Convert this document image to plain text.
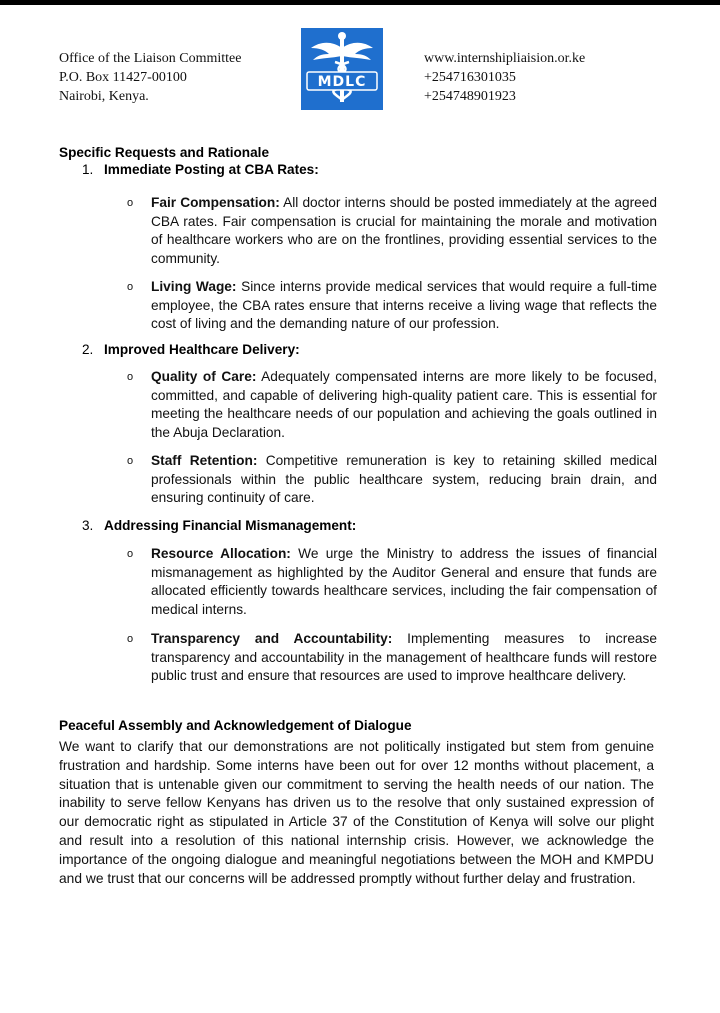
Office of the Liaison Committee
P.O. Box 11427-00100
Nairobi, Kenya.
MDLC
www.internshipliaision.or.ke
+254716301035
+254748901923
Specific Requests and Rationale
1. Immediate Posting at CBA Rates:
o Fair Compensation: All doctor interns should be posted immediately at the agreed CBA rates. Fair compensation is crucial for maintaining the morale and motivation of healthcare workers who are on the frontlines, providing essential services to the community.
o Living Wage: Since interns provide medical services that would require a full-time employee, the CBA rates ensure that interns receive a living wage that reflects the cost of living and the demanding nature of our profession.
2. Improved Healthcare Delivery:
o Quality of Care: Adequately compensated interns are more likely to be focused, committed, and capable of delivering high-quality patient care. This is essential for meeting the healthcare needs of our population and achieving the goals outlined in the Abuja Declaration.
o Staff Retention: Competitive remuneration is key to retaining skilled medical professionals within the public healthcare system, reducing brain drain, and ensuring continuity of care.
3. Addressing Financial Mismanagement:
o Resource Allocation: We urge the Ministry to address the issues of financial mismanagement as highlighted by the Auditor General and ensure that funds are allocated efficiently towards healthcare services, including the fair compensation of medical interns.
o Transparency and Accountability: Implementing measures to increase transparency and accountability in the management of healthcare funds will restore public trust and ensure that resources are used to improve healthcare delivery.
Peaceful Assembly and Acknowledgement of Dialogue
We want to clarify that our demonstrations are not politically instigated but stem from genuine frustration and hardship. Some interns have been out for over 12 months without placement, a situation that is untenable given our commitment to serving the health needs of our nation. The inability to serve fellow Kenyans has driven us to the resolve that only sustained expression of our democratic right as stipulated in Article 37 of the Constitution of Kenya will solve our plight and result into a resolution of this national internship crisis. However, we acknowledge the importance of the ongoing dialogue and meaningful negotiations between the MOH and KMPDU and we trust that our concerns will be addressed promptly without further delay and frustration.
